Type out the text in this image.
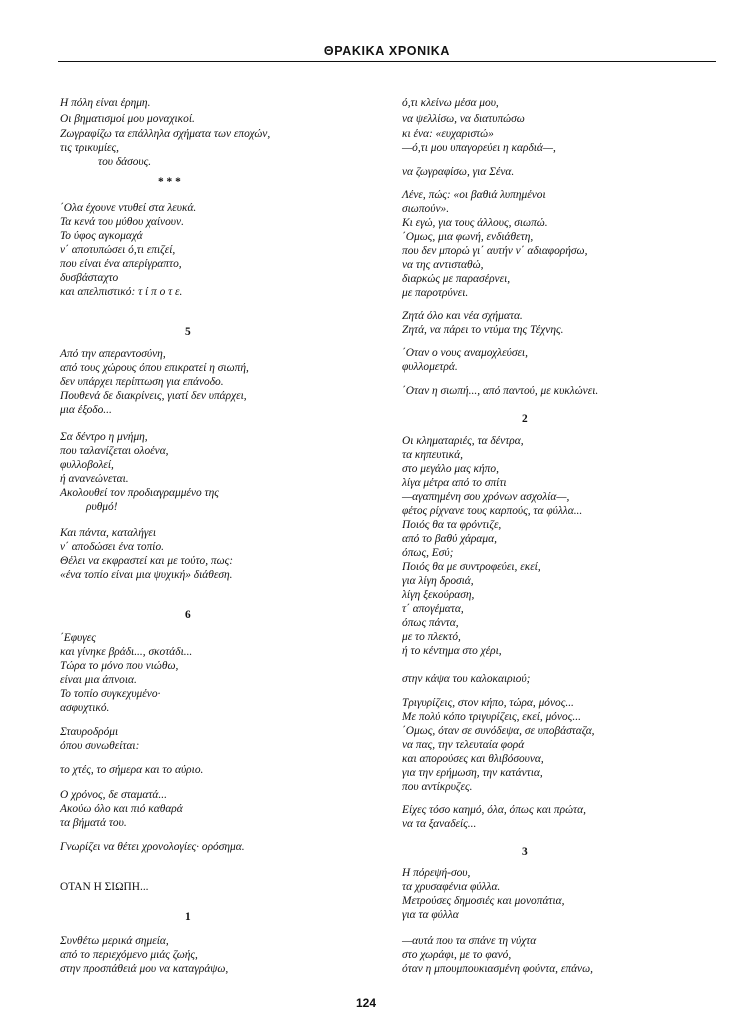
ΘΡΑΚΙΚΑ ΧΡΟΝΙΚΑ
Η πόλη είναι έρημη.
Οι βηματισμοί μου μοναχικοί.
Ζωγραφίζω τα επάλληλα σχήματα των εποχών,
τις τρικυμίες,
του δάσους.
* * *
΄Ολα έχουνε ντυθεί στα λευκά.
Τα κενά του μύθου χαίνουν.
Το ύφος αγκομαχά
ν΄ αποτυπώσει ό,τι επιζεί,
που είναι ένα απερίγραπτο,
δυσβάσταχτο
και απελπιστικό: τ ί π ο τ ε.
5
Από την απεραντοσύνη,
από τους χώρους όπου επικρατεί η σιωπή,
δεν υπάρχει περίπτωση για επάνοδο.
Πουθενά δε διακρίνεις, γιατί δεν υπάρχει,
μια έξοδο...
Σα δέντρο η μνήμη,
που ταλανίζεται ολοένα,
φυλλοβολεί,
ή ανανεώνεται.
Ακολουθεί τον προδιαγραμμένο της
ρυθμό!
Και πάντα, καταλήγει
ν΄ αποδώσει ένα τοπίο.
Θέλει να εκφραστεί και με τούτο, πως:
«ένα τοπίο είναι μια ψυχική» διάθεση.
6
΄Εφυγες
και γίνηκε βράδι..., σκοτάδι...
Τώρα το μόνο που νιώθω,
είναι μια άπνοια.
Το τοπίο συγκεχυμένο·
ασφυχτικό.
Σταυροδρόμι
όπου συνωθείται:
το χτές, το σήμερα και το αύριο.
Ο χρόνος, δε σταματά...
Ακούω όλο και πιό καθαρά
τα βήματά του.
Γνωρίζει να θέτει χρονολογίες· ορόσημα.
ΟΤΑΝ Η ΣΙΩΠΗ...
1
Συνθέτω μερικά σημεία,
από το περιεχόμενο μιάς ζωής,
στην προσπάθειά μου να καταγράψω,
ό,τι κλείνω μέσα μου,
να ψελλίσω, να διατυπώσω
κι ένα: «ευχαριστώ»
—ό,τι μου υπαγορεύει η καρδιά—,
να ζωγραφίσω, για Σένα.
Λένε, πώς: «οι βαθιά λυπημένοι
σιωπούν».
Κι εγώ, για τους άλλους, σιωπώ.
΄Ομως, μια φωνή, ενδιάθετη,
που δεν μπορώ γι΄ αυτήν ν΄ αδιαφορήσω,
να της αντισταθώ,
διαρκώς με παρασέρνει,
με παροτρύνει.
Ζητά όλο και νέα σχήματα.
Ζητά, να πάρει το ντύμα της Τέχνης.
΄Οταν ο νους αναμοχλεύσει,
φυλλομετρά.
΄Οταν η σιωπή..., από παντού, με κυκλώνει.
2
Οι κληματαριές, τα δέντρα,
τα κηπευτικά,
στο μεγάλο μας κήπο,
λίγα μέτρα από το σπίτι
—αγαπημένη σου χρόνων ασχολία—,
φέτος ρίχνανε τους καρπούς, τα φύλλα...
Ποιός θα τα φρόντιζε,
από το βαθύ χάραμα,
όπως, Εσύ;
Ποιός θα με συντροφεύει, εκεί,
για λίγη δροσιά,
λίγη ξεκούραση,
τ΄ απογέματα,
όπως πάντα,
με το πλεκτό,
ή το κέντημα στο χέρι,
στην κάψα του καλοκαιριού;
Τριγυρίζεις, στον κήπο, τώρα, μόνος...
Με πολύ κόπο τριγυρίζεις, εκεί, μόνος...
΄Ομως, όταν σε συνόδεψα, σε υποβάσταζα,
να πας, την τελευταία φορά
και απορούσες και θλιβόσουνα,
για την ερήμωση, την κατάντια,
που αντίκρυζες.
Είχες τόσο καημό, όλα, όπως και πρώτα,
να τα ξαναδείς...
3
Η πόρεψή-σου,
τα χρυσαφένια φύλλα.
Μετρούσες δημοσιές και μονοπάτια,
για τα φύλλα
—αυτά που τα σπάνε τη νύχτα
στο χωράφι, με το φανό,
όταν η μπουμπουκιασμένη φούντα, επάνω,
124
